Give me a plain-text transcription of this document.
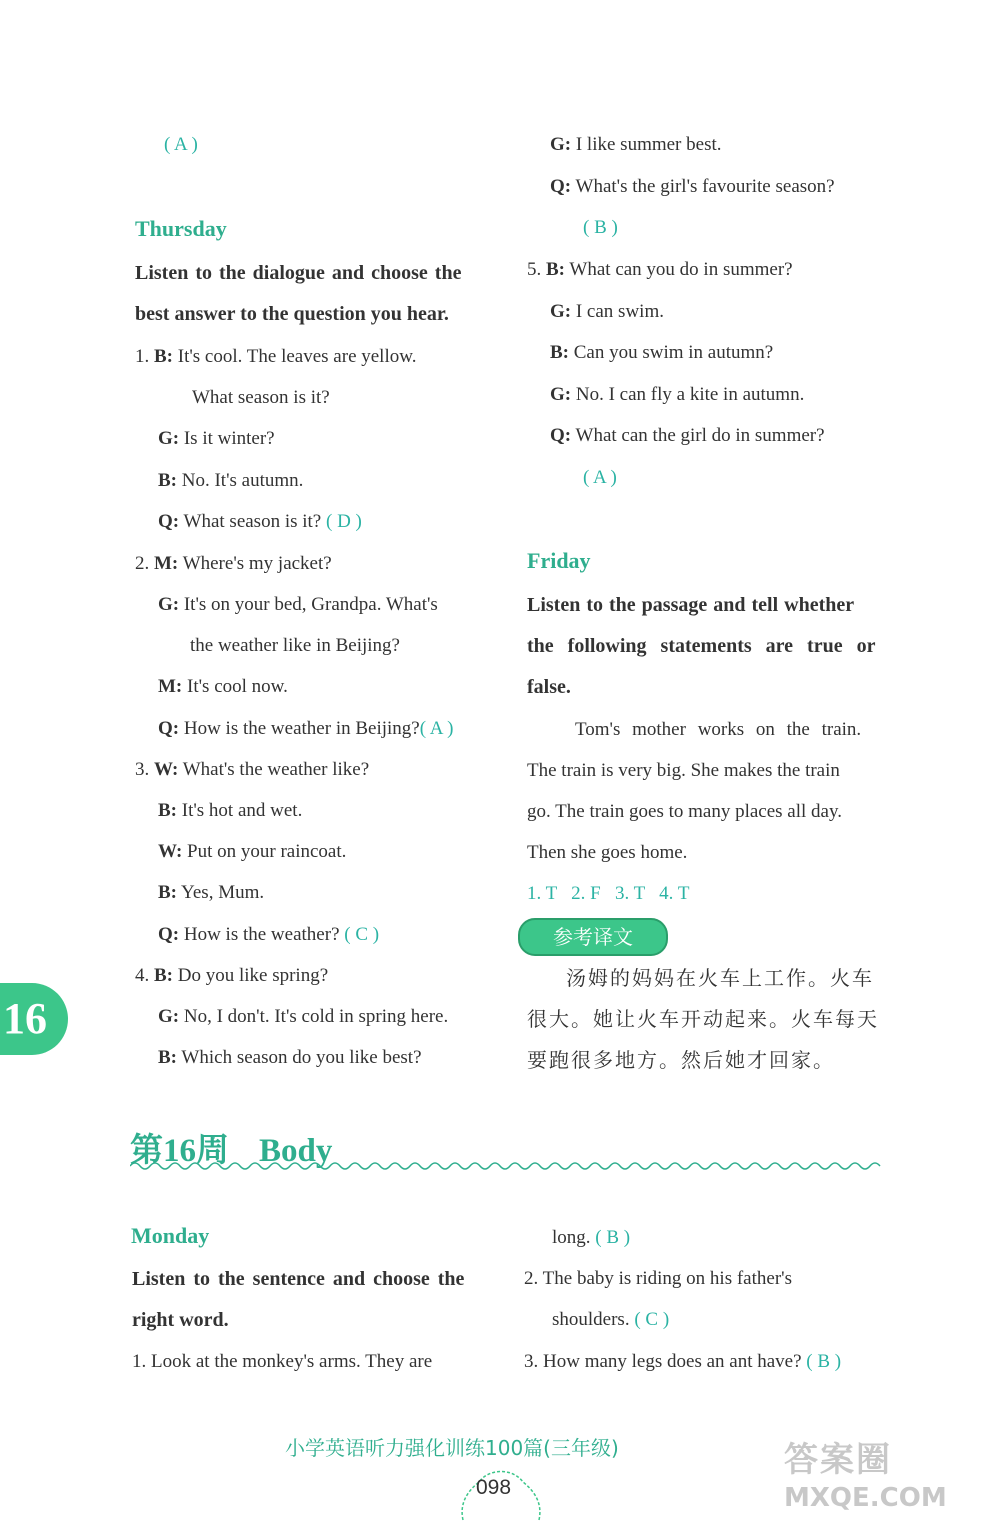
( A )
Thursday
Listen to the dialogue and choose the
best answer to the question you hear.
1. B: It's cool. The leaves are yellow.
What season is it?
G: Is it winter?
B: No. It's autumn.
Q: What season is it? ( D )
2. M: Where's my jacket?
G: It's on your bed, Grandpa. What's
the weather like in Beijing?
M: It's cool now.
Q: How is the weather in Beijing?( A )
3. W: What's the weather like?
B: It's hot and wet.
W: Put on your raincoat.
B: Yes, Mum.
Q: How is the weather? ( C )
4. B: Do you like spring?
G: No, I don't. It's cold in spring here.
B: Which season do you like best?
G: I like summer best.
Q: What's the girl's favourite season?
( B )
5. B: What can you do in summer?
G: I can swim.
B: Can you swim in autumn?
G: No. I can fly a kite in autumn.
Q: What can the girl do in summer?
( A )
Friday
Listen to the passage and tell whether
the following statements are true or
false.
Tom's mother works on the train.
The train is very big. She makes the train
go. The train goes to many places all day.
Then she goes home.
1. T   2. F   3. T   4. T
参考译文
汤姆的妈妈在火车上工作。火车
很大。她让火车开动起来。火车每天
要跑很多地方。然后她才回家。
16
第16周 Body
Monday
Listen to the sentence and choose the
right word.
1. Look at the monkey's arms. They are
long. ( B )
2. The baby is riding on his father's
shoulders. ( C )
3. How many legs does an ant have? ( B )
小学英语听力强化训练100篇(三年级)
098
答案圈
MXQE.COM
